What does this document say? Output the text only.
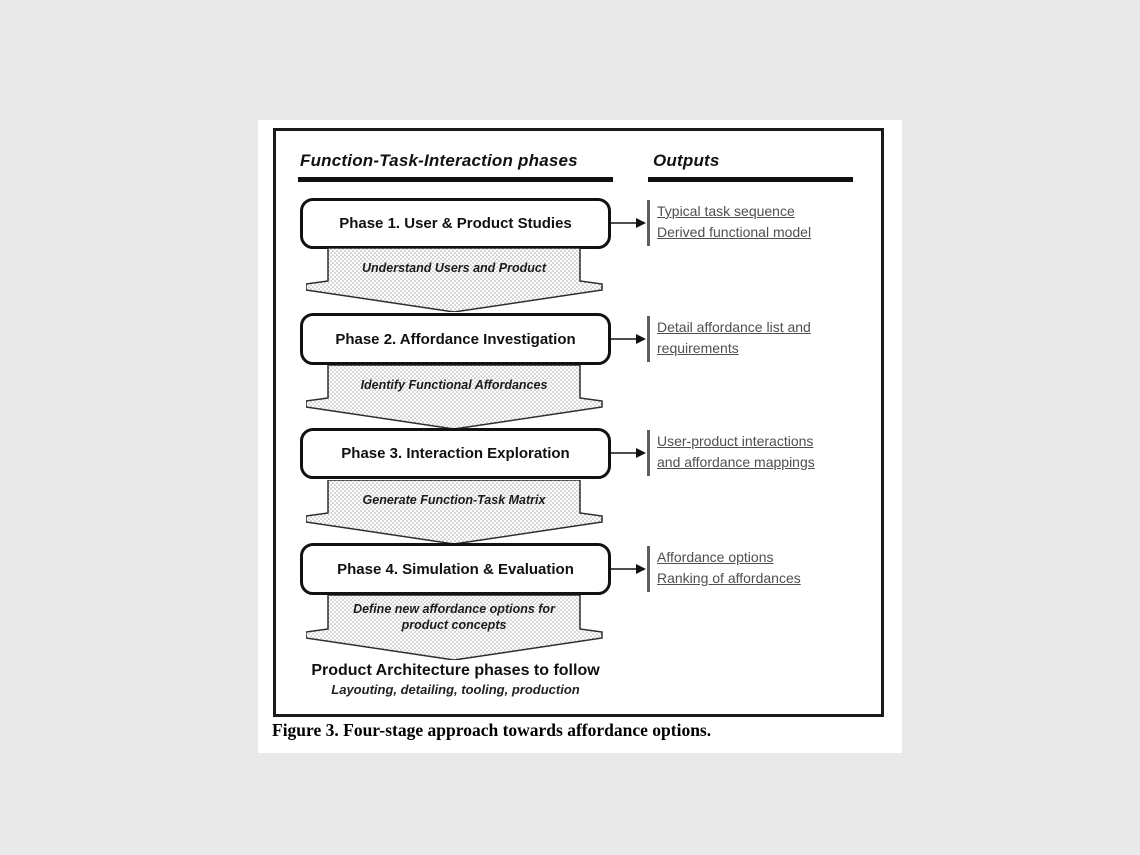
Function-Task-Interaction phases	Outputs
Phase 1. User & Product Studies
Understand Users and Product
Typical task sequence
Derived functional model
Phase 2. Affordance Investigation
Identify Functional Affordances
Detail affordance list and
requirements
Phase 3. Interaction Exploration
Generate Function-Task Matrix
User-product interactions
and affordance mappings
Phase 4. Simulation & Evaluation
Define new affordance options for
product concepts
Affordance options
Ranking of affordances
Product Architecture phases to follow
Layouting, detailing, tooling, production
Figure 3. Four-stage approach towards affordance options.
